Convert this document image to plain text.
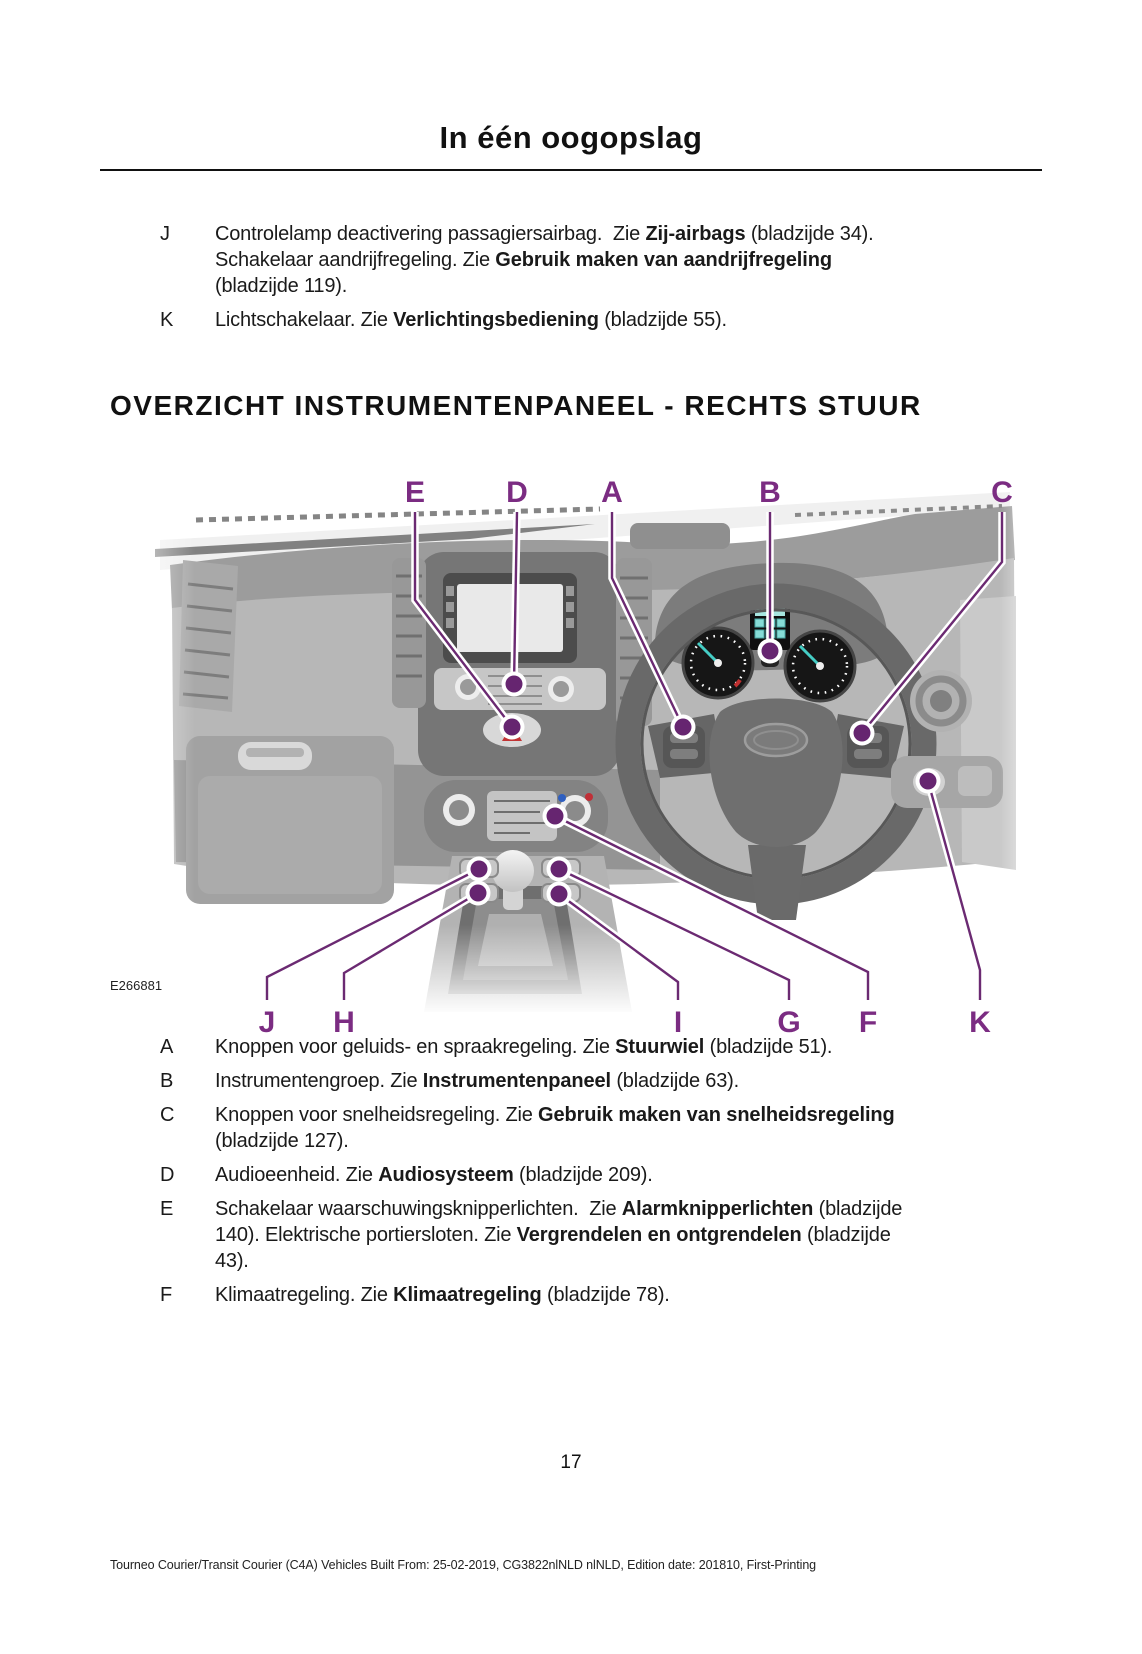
In één oogopslag
J	Controlelamp deactivering passagiersairbag.  Zie Zij-airbags (bladzijde 34).
Schakelaar aandrijfregeling. Zie Gebruik maken van aandrijfregeling
(bladzijde 119).
K	Lichtschakelaar. Zie Verlichtingsbediening (bladzijde 55).
OVERZICHT INSTRUMENTENPANEEL - RECHTS STUUR
E	D A	B	C
J H	I	G F	K
E266881
A	Knoppen voor geluids- en spraakregeling. Zie Stuurwiel (bladzijde 51).
B	Instrumentengroep. Zie Instrumentenpaneel (bladzijde 63).
C	Knoppen voor snelheidsregeling. Zie Gebruik maken van snelheidsregeling
(bladzijde 127).
D	Audioeenheid. Zie Audiosysteem (bladzijde 209).
E	Schakelaar waarschuwingsknipperlichten.  Zie Alarmknipperlichten (bladzijde
140). Elektrische portiersloten. Zie Vergrendelen en ontgrendelen (bladzijde
43).
F	Klimaatregeling. Zie Klimaatregeling (bladzijde 78).
17
Tourneo Courier/Transit Courier (C4A) Vehicles Built From: 25-02-2019, CG3822nlNLD nlNLD, Edition date: 201810, First-Printing
